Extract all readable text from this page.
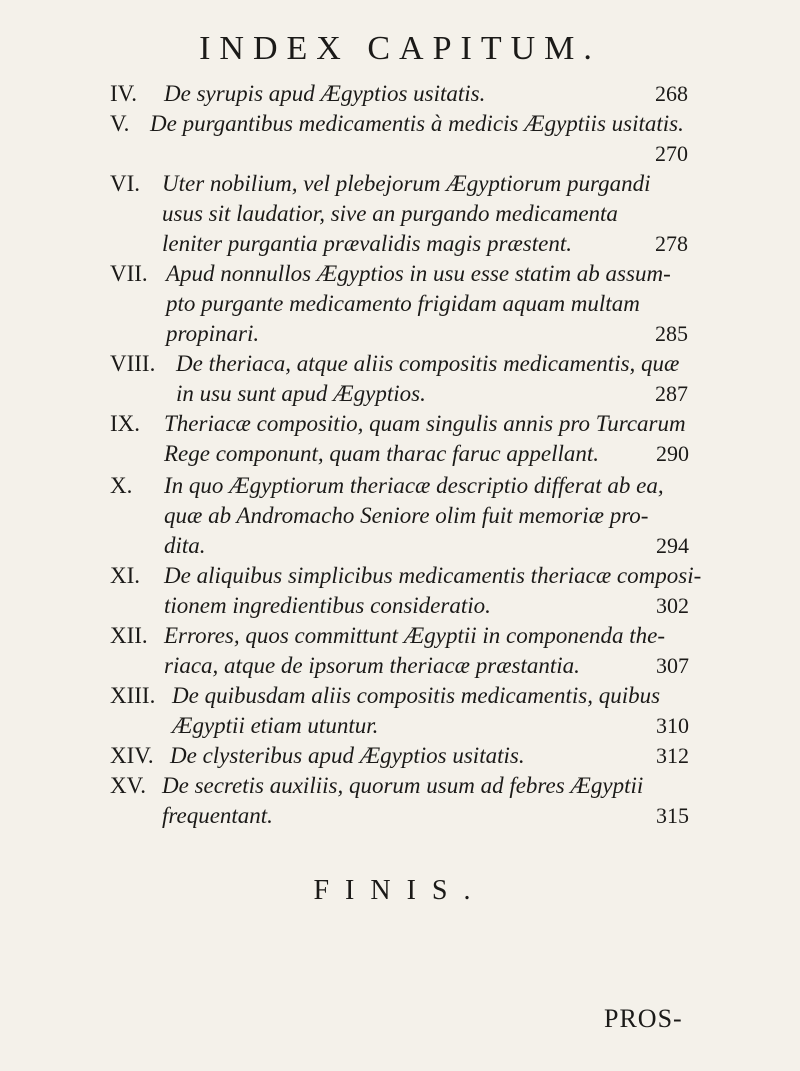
INDEX CAPITUM.
IV. De syrupis apud Ægyptios usitatis.	268
V. De purgantibus medicamentis à medicis Ægyptiis usitatis.
270
VI. Uter nobilium, vel plebejorum Ægyptiorum purgandi
usus sit laudatior, sive an purgando medicamenta
leniter purgantia prævalidis magis præstent.	278
VII. Apud nonnullos Ægyptios in usu esse statim ab assum-
pto purgante medicamento frigidam aquam multam
propinari.	285
VIII. De theriaca, atque aliis compositis medicamentis, quæ
in usu sunt apud Ægyptios.	287
IX. Theriacæ compositio, quam singulis annis pro Turcarum
Rege componunt, quam tharac faruc appellant.	290
X. In quo Ægyptiorum theriacæ descriptio differat ab ea,
quæ ab Andromacho Seniore olim fuit memoriæ pro-
dita.	294
XI. De aliquibus simplicibus medicamentis theriacæ composi-
tionem ingredientibus consideratio.	302
XII. Errores, quos committunt Ægyptii in componenda the-
riaca, atque de ipsorum theriacæ præstantia.	307
XIII. De quibusdam aliis compositis medicamentis, quibus
Ægyptii etiam utuntur.	310
XIV. De clysteribus apud Ægyptios usitatis.	312
XV. De secretis auxiliis, quorum usum ad febres Ægyptii
frequentant.	315
FINIS.
PROS-
